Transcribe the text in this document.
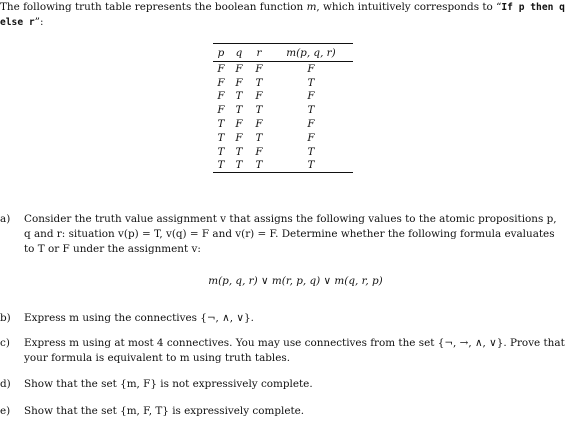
The following truth table represents the boolean function m, which intuitively corresponds to “If p then q else r”:
p	q	r	m(p, q, r)
F	F	F	F
F	F	T	T
F	T	F	F
F	T	T	T
T	F	F	F
T	F	T	F
T	T	F	T
T	T	T	T
a) Consider the truth value assignment v that assigns the following values to the atomic propositions p, q and r: situation v(p) = T, v(q) = F and v(r) = F. Determine whether the following formula evaluates to T or F under the assignment v:
m(p, q, r) ∨ m(r, p, q) ∨ m(q, r, p)
b) Express m using the connectives {¬, ∧, ∨}.
c) Express m using at most 4 connectives. You may use connectives from the set {¬, →, ∧, ∨}. Prove that your formula is equivalent to m using truth tables.
d) Show that the set {m, F} is not expressively complete.
e) Show that the set {m, F, T} is expressively complete.
